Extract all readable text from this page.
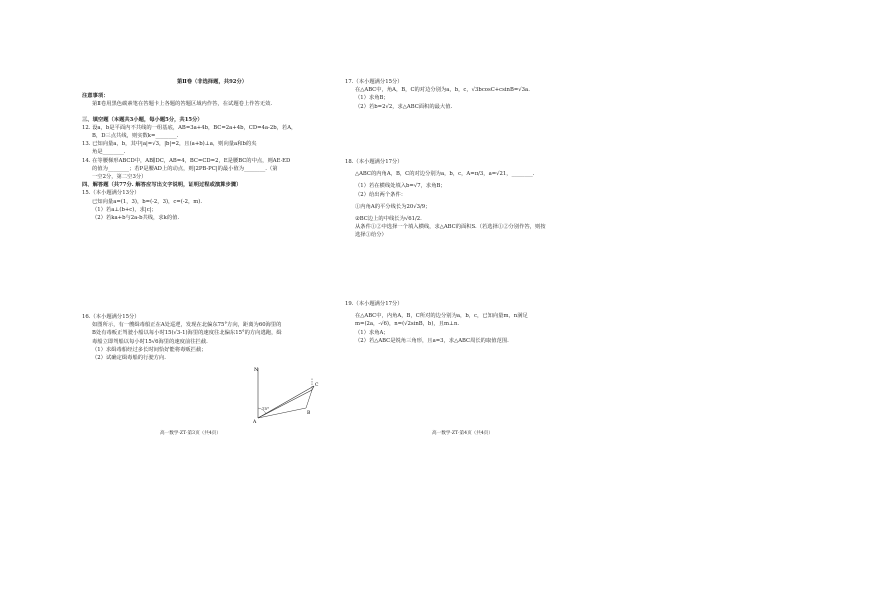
第Ⅱ卷（非选择题，共92分）
注意事项：
第Ⅱ卷用黑色碳素笔在答题卡上各题的答题区域内作答，在试题卷上作答无效.
三、填空题（本题共3小题，每小题5分，共15分）
12. 设a，b是平面内不共线的一组基底，AB=3a+4b，BC=2a+4b，CD=4a-2b，若A，
B，D三点共线，则实数k=________.
13. 已知向量a，b，其中|a|=√3，|b|=2，且(a+b)⊥a，则向量a和b的夹
角是________.
14. 在等腰梯形ABCD中，AB∥DC，AB=4，BC=CD=2，E是腰BC的中点，则AE·ED
的值为________；若P是腰AD上的动点，则|2PB-PC|的最小值为________.（第
一空2分，第二空3分）
四、解答题（共77分. 解答应写出文字说明，证明过程或演算步骤）
15.（本小题满分13分）
已知向量a=(1，3)，b=(-2，3)，c=(-2，m).
（1）若a⊥(b+c)，求|c|；
（2）若ka+b与2a-b共线，求k的值.
16.（本小题满分15分）
如图所示，有一艘缉毒船正在A处巡逻，发现在北偏东75°方向，距离为60海里的
B处有毒贩正驾驶小船以每小时15(√3-1)海里的速度往北偏东15°的方向逃跑，缉
毒船立即驾船以每小时15√6海里的速度前往拦截.
（1）求缉毒船经过多长时间恰好能将毒贩拦截；
（2）试确定缉毒船的行驶方向.
N
75°
A
B
C
高一数学·ZT·第3页（共4页）
17.（本小题满分15分）
在△ABC中，角A，B，C的对边分别为a，b，c，√3bcosC+csinB=√3a.
（1）求角B；
（2）若b=2√2，求△ABC面积的最大值.
18.（本小题满分17分）
△ABC的内角A，B，C的对边分别为a，b，c，A=π/3，a=√21，________.
（1）若在横线处填入b=√7，求角B；
（2）给出两个条件：
①内角A的平分线长为20√3/9；
②BC边上的中线长为√61/2.
从条件①②中选择一个填入横线，求△ABC的面积S.（若选择①②分别作答，则按
选择①给分）
19.（本小题满分17分）
在△ABC中，内角A，B，C所对的边分别为a，b，c，已知向量m，n满足
m=(2a，-√6)，n=(√2sinB，b)，且m⊥n.
（1）求角A；
（2）若△ABC是锐角三角形，且a=3，求△ABC周长的取值范围.
高一数学·ZT·第4页（共4页）
